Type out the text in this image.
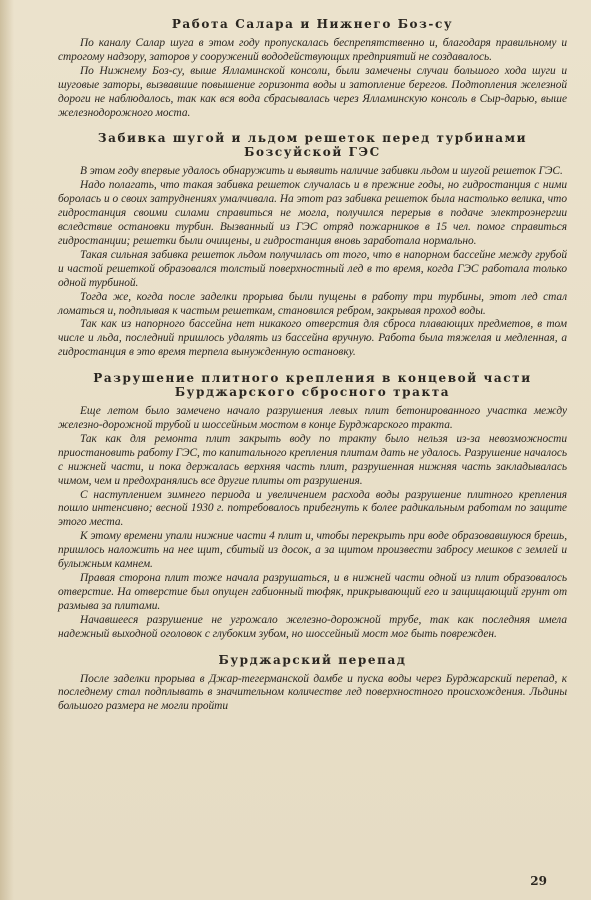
Работа Салара и Нижнего Боз-су

По каналу Салар шуга в этом году пропускалась беспрепятственно и, благодаря правильному и строгому надзору, заторов у сооружений вододействующих предприятий не создавалось.

По Нижнему Боз-су, выше Ялламинской консоли, были замечены случаи большого хода шуги и шуговые заторы, вызвавшие повышение горизонта воды и затопление берегов. Подтопления железной дороги не наблюдалось, так как вся вода сбрасывалась через Ялламинскую консоль в Сыр-дарью, выше железнодорожного моста.

Забивка шугой и льдом решеток перед турбинами
Бозсуйской ГЭС

В этом году впервые удалось обнаружить и выявить наличие забивки льдом и шугой решеток ГЭС.

Надо полагать, что такая забивка решеток случалась и в прежние годы, но гидростанция с ними боролась и о своих затруднениях умалчивала. На этот раз забивка решеток была настолько велика, что гидростанция своими силами справиться не могла, получился перерыв в подаче электроэнергии вследствие остановки турбин. Вызванный из ГЭС отряд пожарников в 15 чел. помог справиться гидростанции; решетки были очищены, и гидростанция вновь заработала нормально.

Такая сильная забивка решеток льдом получилась от того, что в напорном бассейне между грубой и частой решеткой образовался толстый поверхностный лед в то время, когда ГЭС работала только одной турбиной.

Тогда же, когда после заделки прорыва были пущены в работу три турбины, этот лед стал ломаться и, подплывая к частым решеткам, становился ребром, закрывая проход воды.

Так как из напорного бассейна нет никакого отверстия для сброса плавающих предметов, в том числе и льда, последний пришлось удалять из бассейна вручную. Работа была тяжелая и медленная, а гидростанция в это время терпела вынужденную остановку.

Разрушение плитного крепления в концевой части
Бурджарского сбросного тракта

Еще летом было замечено начало разрушения левых плит бетонированного участка между железно-дорожной трубой и шоссейным мостом в конце Бурджарского тракта.

Так как для ремонта плит закрыть воду по тракту было нельзя из-за невозможности приостановить работу ГЭС, то капитального крепления плитам дать не удалось. Разрушение началось с нижней части, и пока держалась верхняя часть плит, разрушенная нижняя часть закладывалась чимом, чем и предохранялись все другие плиты от разрушения.

С наступлением зимнего периода и увеличением расхода воды разрушение плитного крепления пошло интенсивно; весной 1930 г. потребовалось прибегнуть к более радикальным работам по защите этого места.

К этому времени упали нижние части 4 плит и, чтобы перекрыть при воде образовавшуюся брешь, пришлось наложить на нее щит, сбитый из досок, а за щитом произвести забросу мешков с землей и булыжным камнем.

Правая сторона плит тоже начала разрушаться, и в нижней части одной из плит образовалось отверстие. На отверстие был опущен габионный тюфяк, прикрывающий его и защищающий грунт от размыва за плитами.

Начавшееся разрушение не угрожало железно-дорожной трубе, так как последняя имела надежный выходной оголовок с глубоким зубом, но шоссейный мост мог быть поврежден.

Бурджарский перепад

После заделки прорыва в Джар-тегерманской дамбе и пуска воды через Бурджарский перепад, к последнему стал подплывать в значительном количестве лед поверхностного происхождения. Льдины большого размера не могли пройти

29
